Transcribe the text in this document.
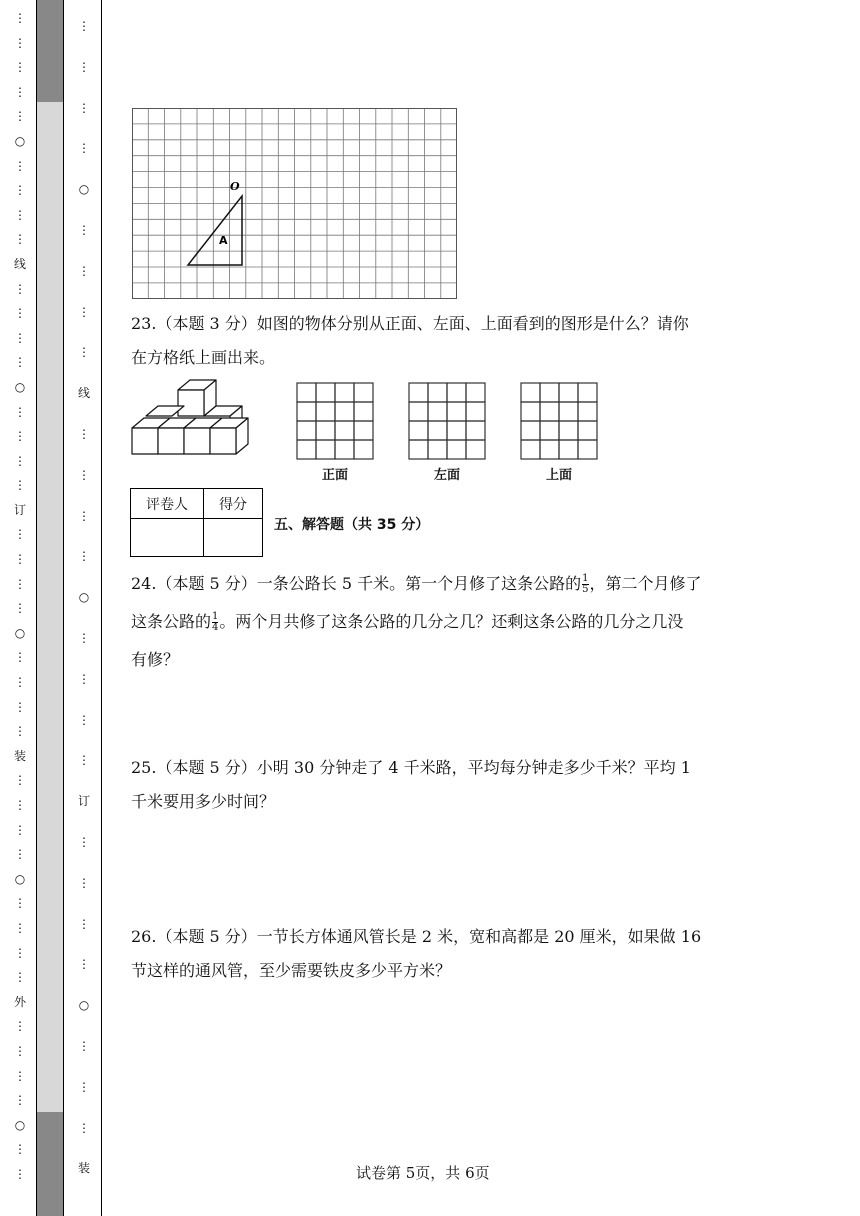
⋮
⋮
⋮
⋮
⋮
○
⋮
⋮
⋮
⋮
线
⋮
⋮
⋮
⋮
○
⋮
⋮
⋮
⋮
订
⋮
⋮
⋮
⋮
○
⋮
⋮
⋮
⋮
装
⋮
⋮
⋮
⋮
○
⋮
⋮
⋮
⋮
外
⋮
⋮
⋮
⋮
○
⋮
⋮
⋮
⋮
⋮
⋮
○
⋮
⋮
⋮
⋮
线
⋮
⋮
⋮
⋮
○
⋮
⋮
⋮
⋮
订
⋮
⋮
⋮
⋮
○
⋮
⋮
⋮
装
O
A
23.（本题 3 分）如图的物体分别从正面、左面、上面看到的图形是什么？请你
在方格纸上画出来。
正面	左面	上面
评卷人	得分

五、解答题（共 35 分）
24.（本题 5 分）一条公路长 5 千米。第一个月修了这条公路的 $\frac{1}{5}$ ，第二个月修了
这条公路的 $\frac{1}{4}$ 。两个月共修了这条公路的几分之几？还剩这条公路的几分之几没
有修？
25.（本题 5 分）小明 30 分钟走了 4 千米路，平均每分钟走多少千米？平均 1
千米要用多少时间？
26.（本题 5 分）一节长方体通风管长是 2 米，宽和高都是 20 厘米，如果做 16
节这样的通风管，至少需要铁皮多少平方米？
试卷第 5页，共 6页
